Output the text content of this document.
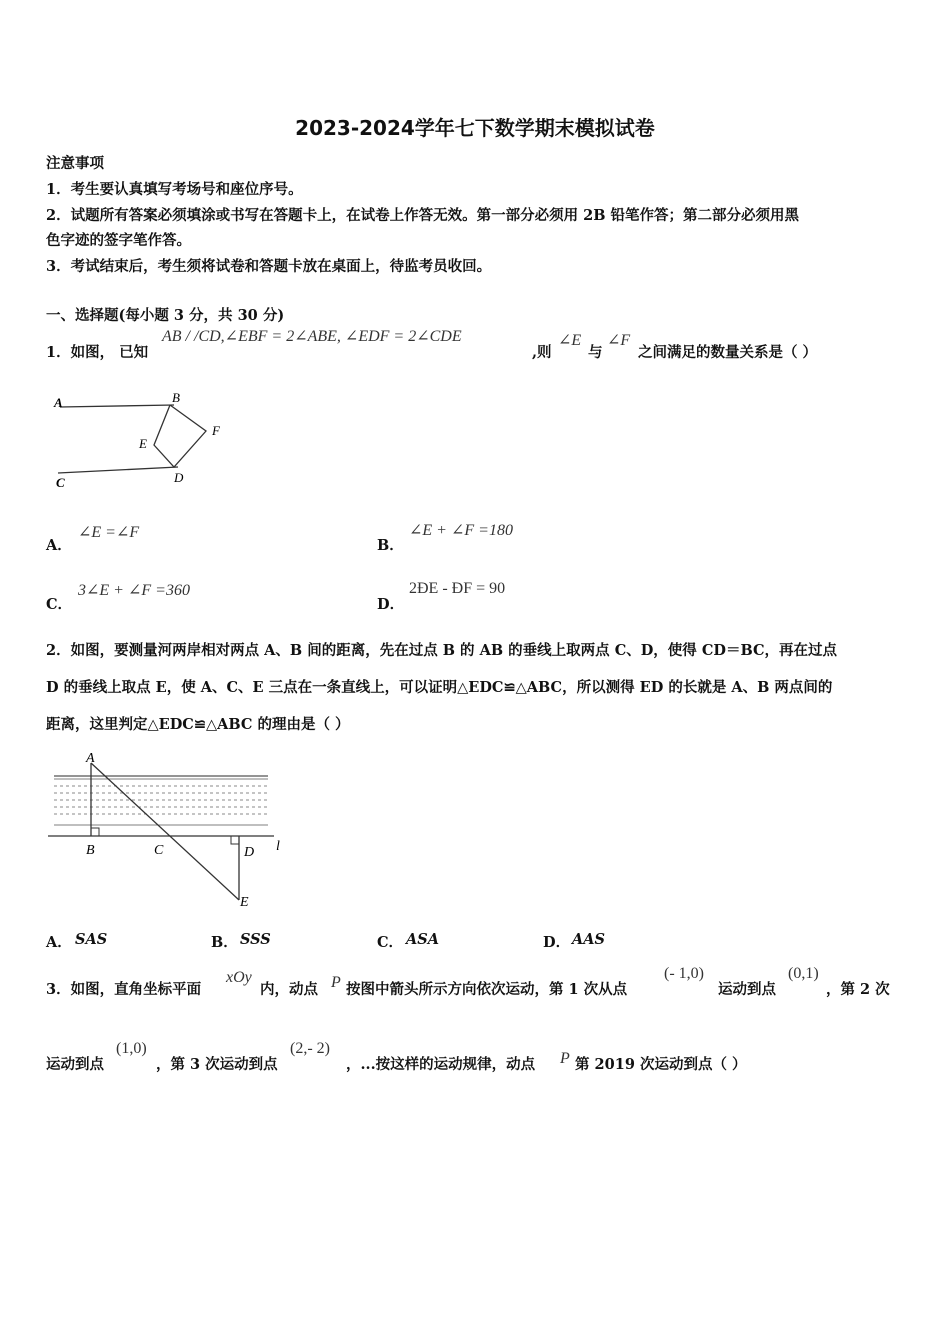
2023-2024学年七下数学期末模拟试卷
注意事项
1．考生要认真填写考场号和座位序号。
2．试题所有答案必须填涂或书写在答题卡上，在试卷上作答无效。第一部分必须用 2B 铅笔作答；第二部分必须用黑
色字迹的签字笔作答。
3．考试结束后，考生须将试卷和答题卡放在桌面上，待监考员收回。
一、选择题(每小题 3 分，共 30 分)
1．如图， 已知
AB / /CD,∠EBF = 2∠ABE, ∠EDF = 2∠CDE
,则
∠E
与
∠F
之间满足的数量关系是（ ）
A	B
F
E
D
C
A．
∠E =∠F
B．
∠E + ∠F =180
C．
3∠E + ∠F =360
D．
2ÐE - ÐF = 90
2．如图，要测量河两岸相对两点 A、B 间的距离，先在过点 B 的 AB 的垂线上取两点 C、D，使得 CD＝BC，再在过点
D 的垂线上取点 E，使 A、C、E 三点在一条直线上，可以证明△EDC≌△ABC，所以测得 ED 的长就是 A、B 两点间的
距离，这里判定△EDC≌△ABC 的理由是（ ）
A
B	C	D
E
l
A． SAS	B． SSS	C． ASA	D． AAS
3．如图，直角坐标平面
xOy
内，动点 P 按图中箭头所示方向依次运动，第 1 次从点
(- 1,0)
运动到点
(0,1)
，第 2 次
运动到点
(1,0)
，第 3 次运动到点
(2,- 2)
，...按这样的运动规律，动点 P 第 2019 次运动到点（ ）
